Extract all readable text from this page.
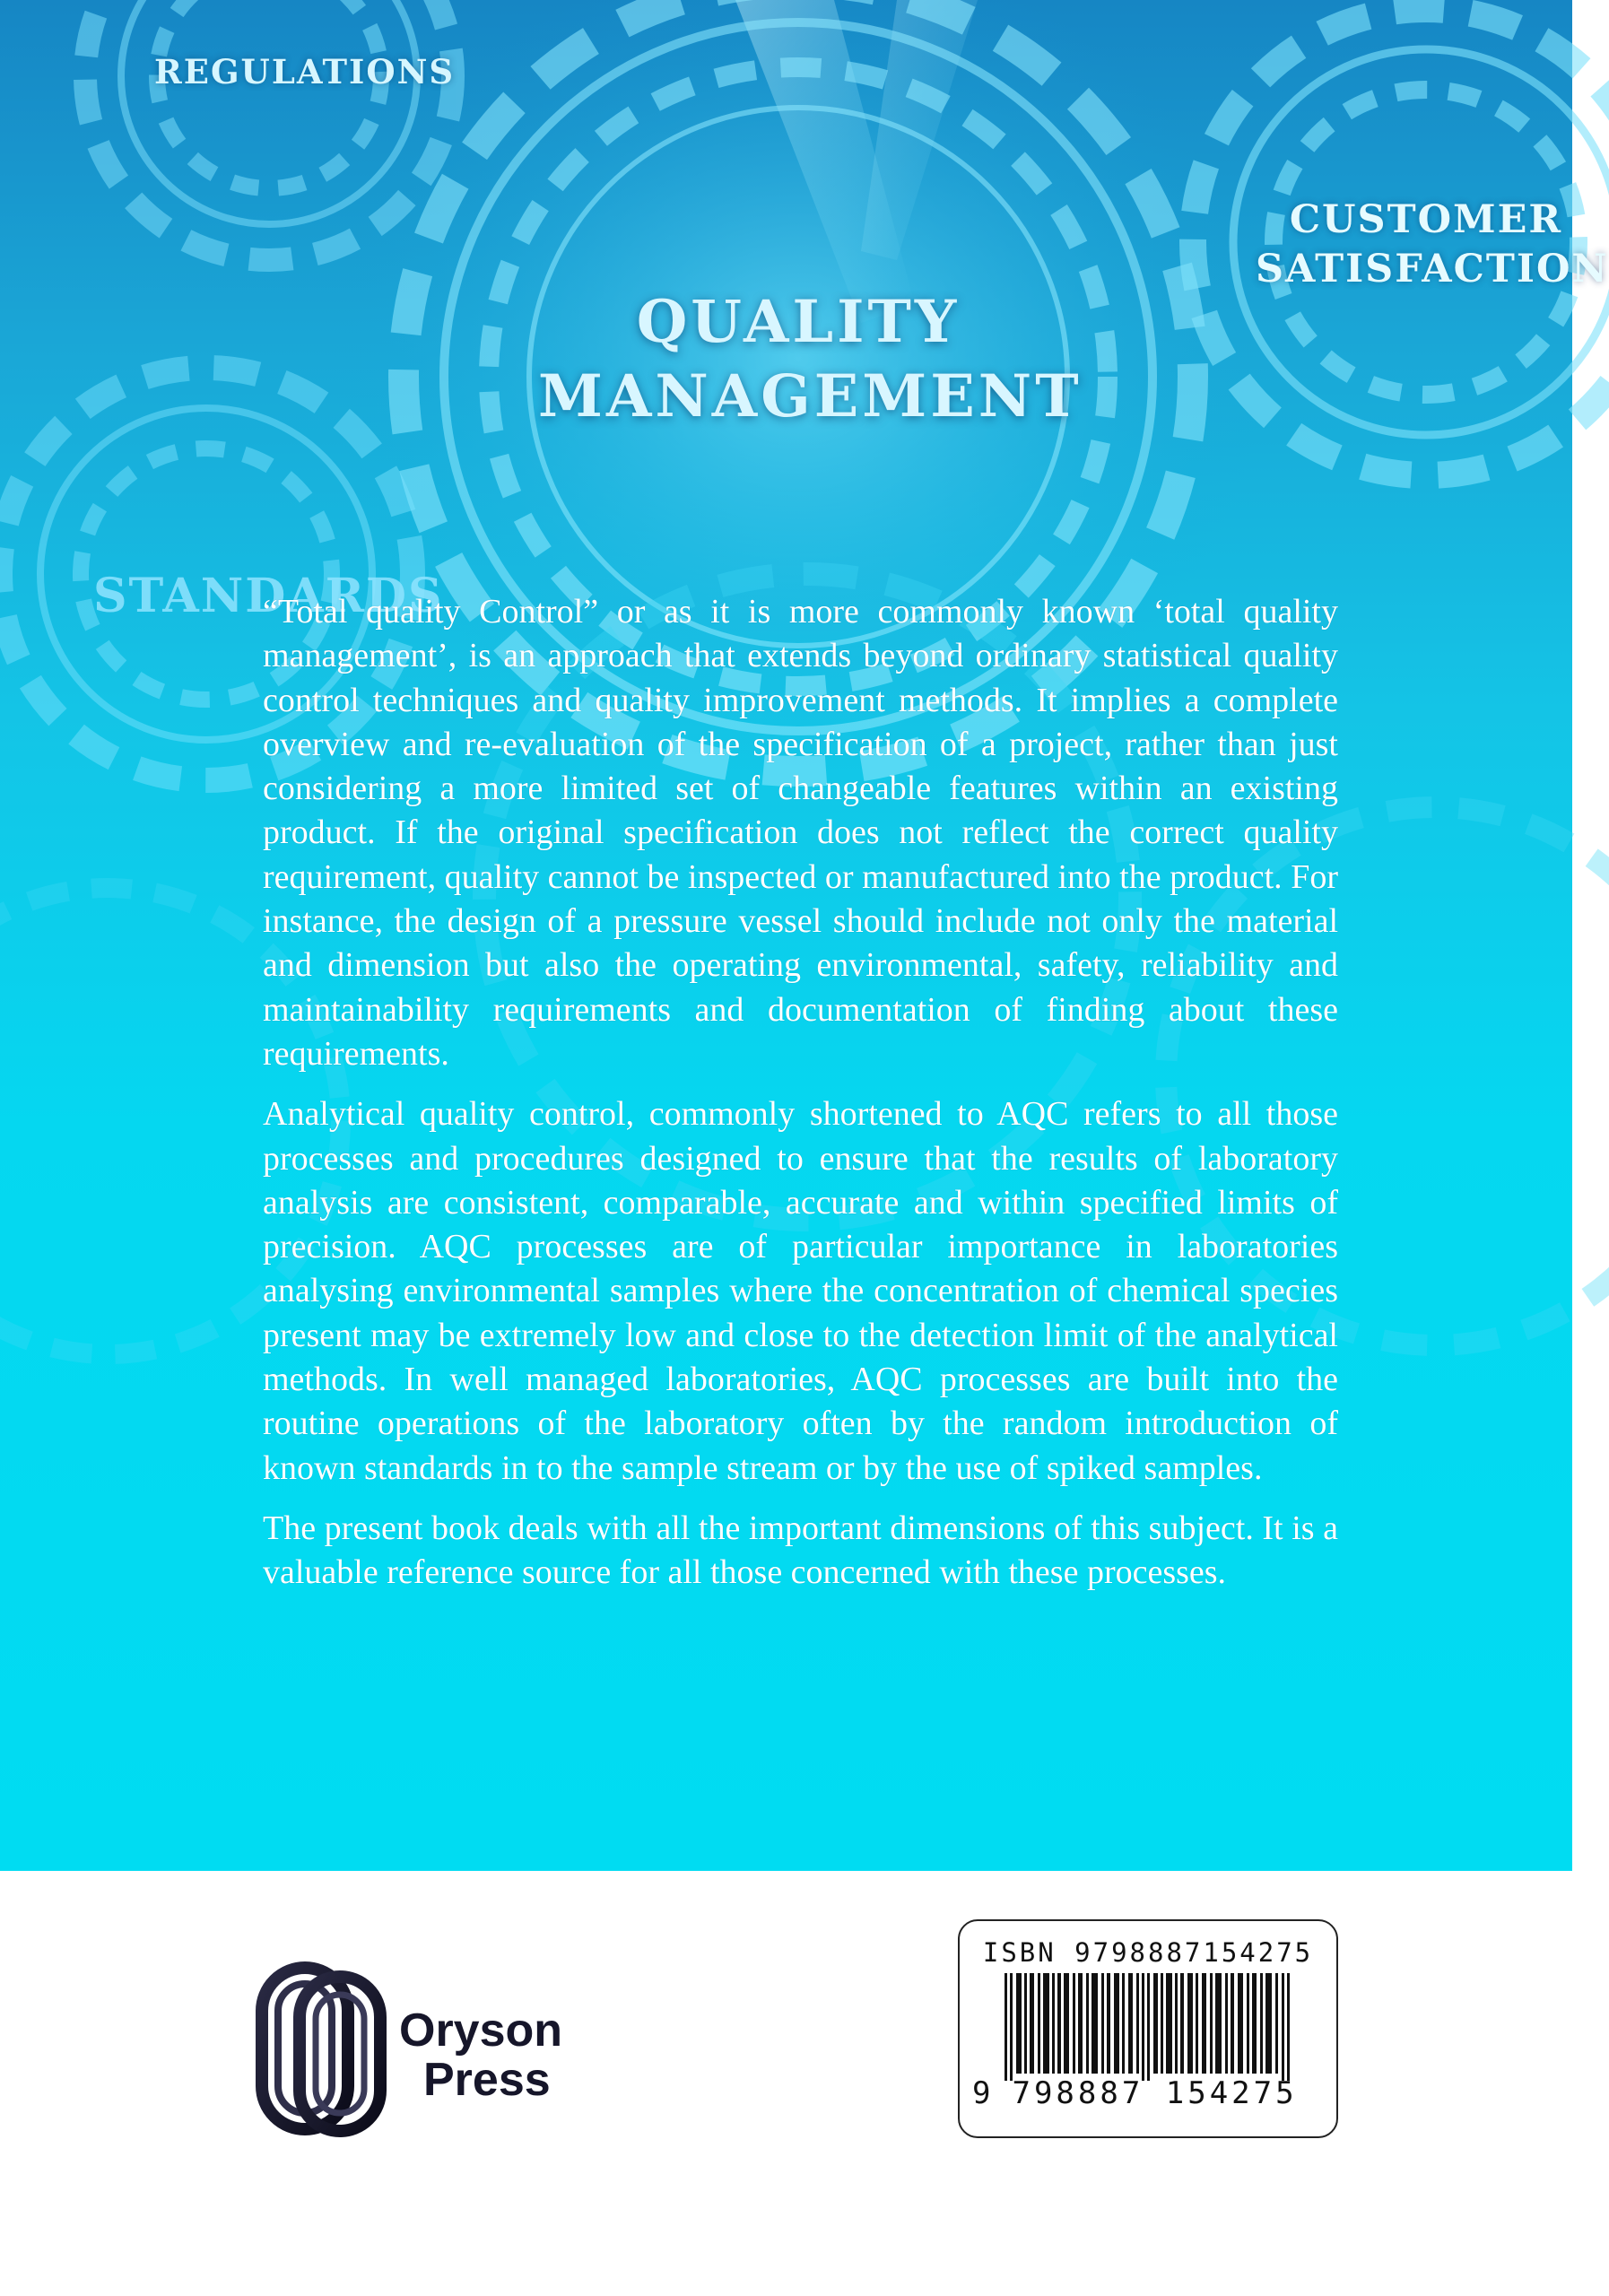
REGULATIONS
CUSTOMER SATISFACTION
QUALITY MANAGEMENT
STANDARDS

“Total quality Control” or as it is more commonly known ‘total quality management’, is an approach that extends beyond ordinary statistical quality control techniques and quality improvement methods. It implies a complete overview and re-evaluation of the specification of a project, rather than just considering a more limited set of changeable features within an existing product. If the original specification does not reflect the correct quality requirement, quality cannot be inspected or manufactured into the product. For instance, the design of a pressure vessel should include not only the material and dimension but also the operating environmental, safety, reliability and maintainability requirements and documentation of finding about these requirements.

Analytical quality control, commonly shortened to AQC refers to all those processes and procedures designed to ensure that the results of laboratory analysis are consistent, comparable, accurate and within specified limits of precision. AQC processes are of particular importance in laboratories analysing environmental samples where the concentration of chemical species present may be extremely low and close to the detection limit of the analytical methods. In well managed laboratories, AQC processes are built into the routine operations of the laboratory often by the random introduction of known standards in to the sample stream or by the use of spiked samples.

The present book deals with all the important dimensions of this subject. It is a valuable reference source for all those concerned with these processes.

Oryson
Press
ISBN 9798887154275
9 798887 154275
